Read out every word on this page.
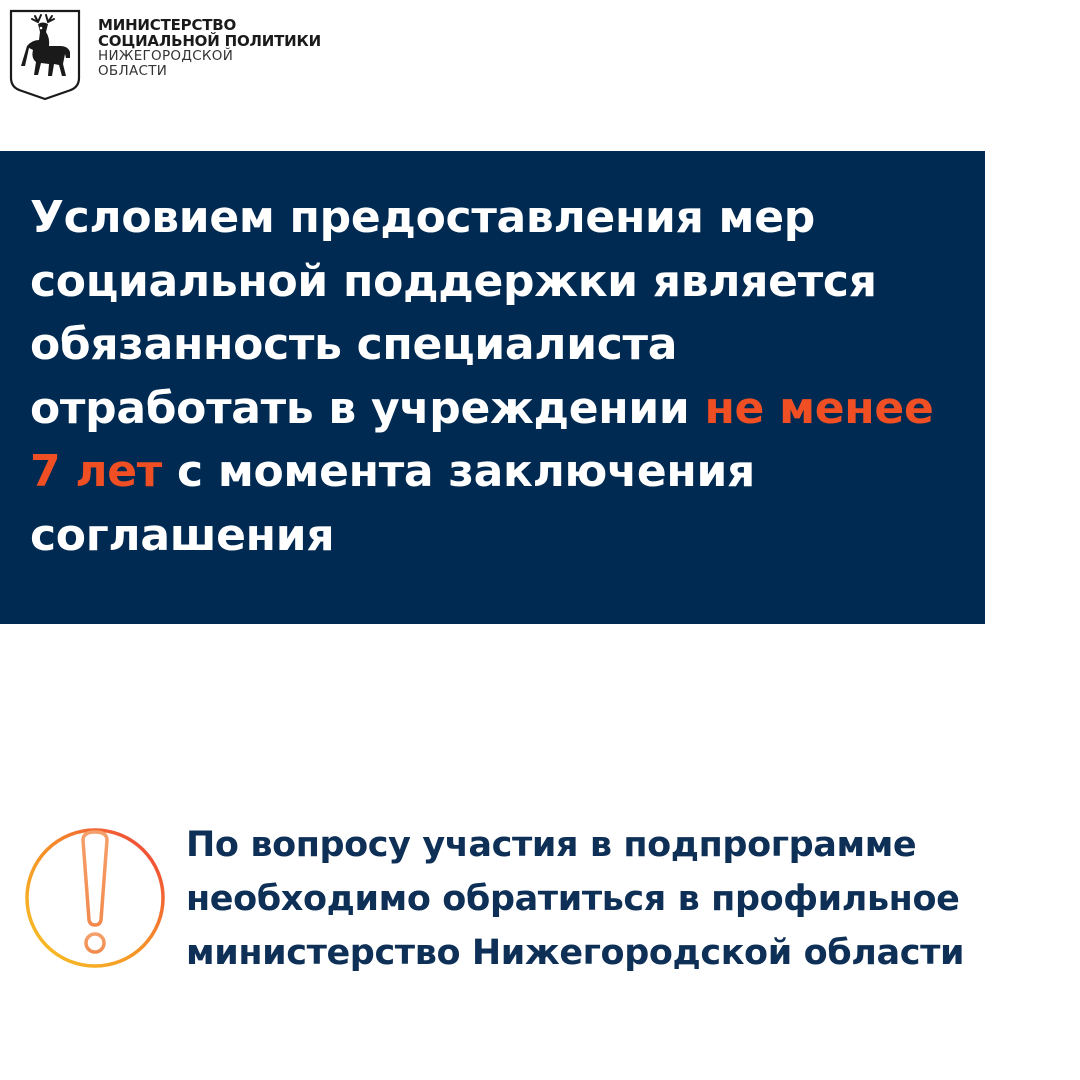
МИНИСТЕРСТВО
СОЦИАЛЬНОЙ ПОЛИТИКИ
НИЖЕГОРОДСКОЙ
ОБЛАСТИ
Условием предоставления мер
социальной поддержки является
обязанность специалиста
отработать в учреждении не менее
7 лет с момента заключения
соглашения
По вопросу участия в подпрограмме
необходимо обратиться в профильное
министерство Нижегородской области
